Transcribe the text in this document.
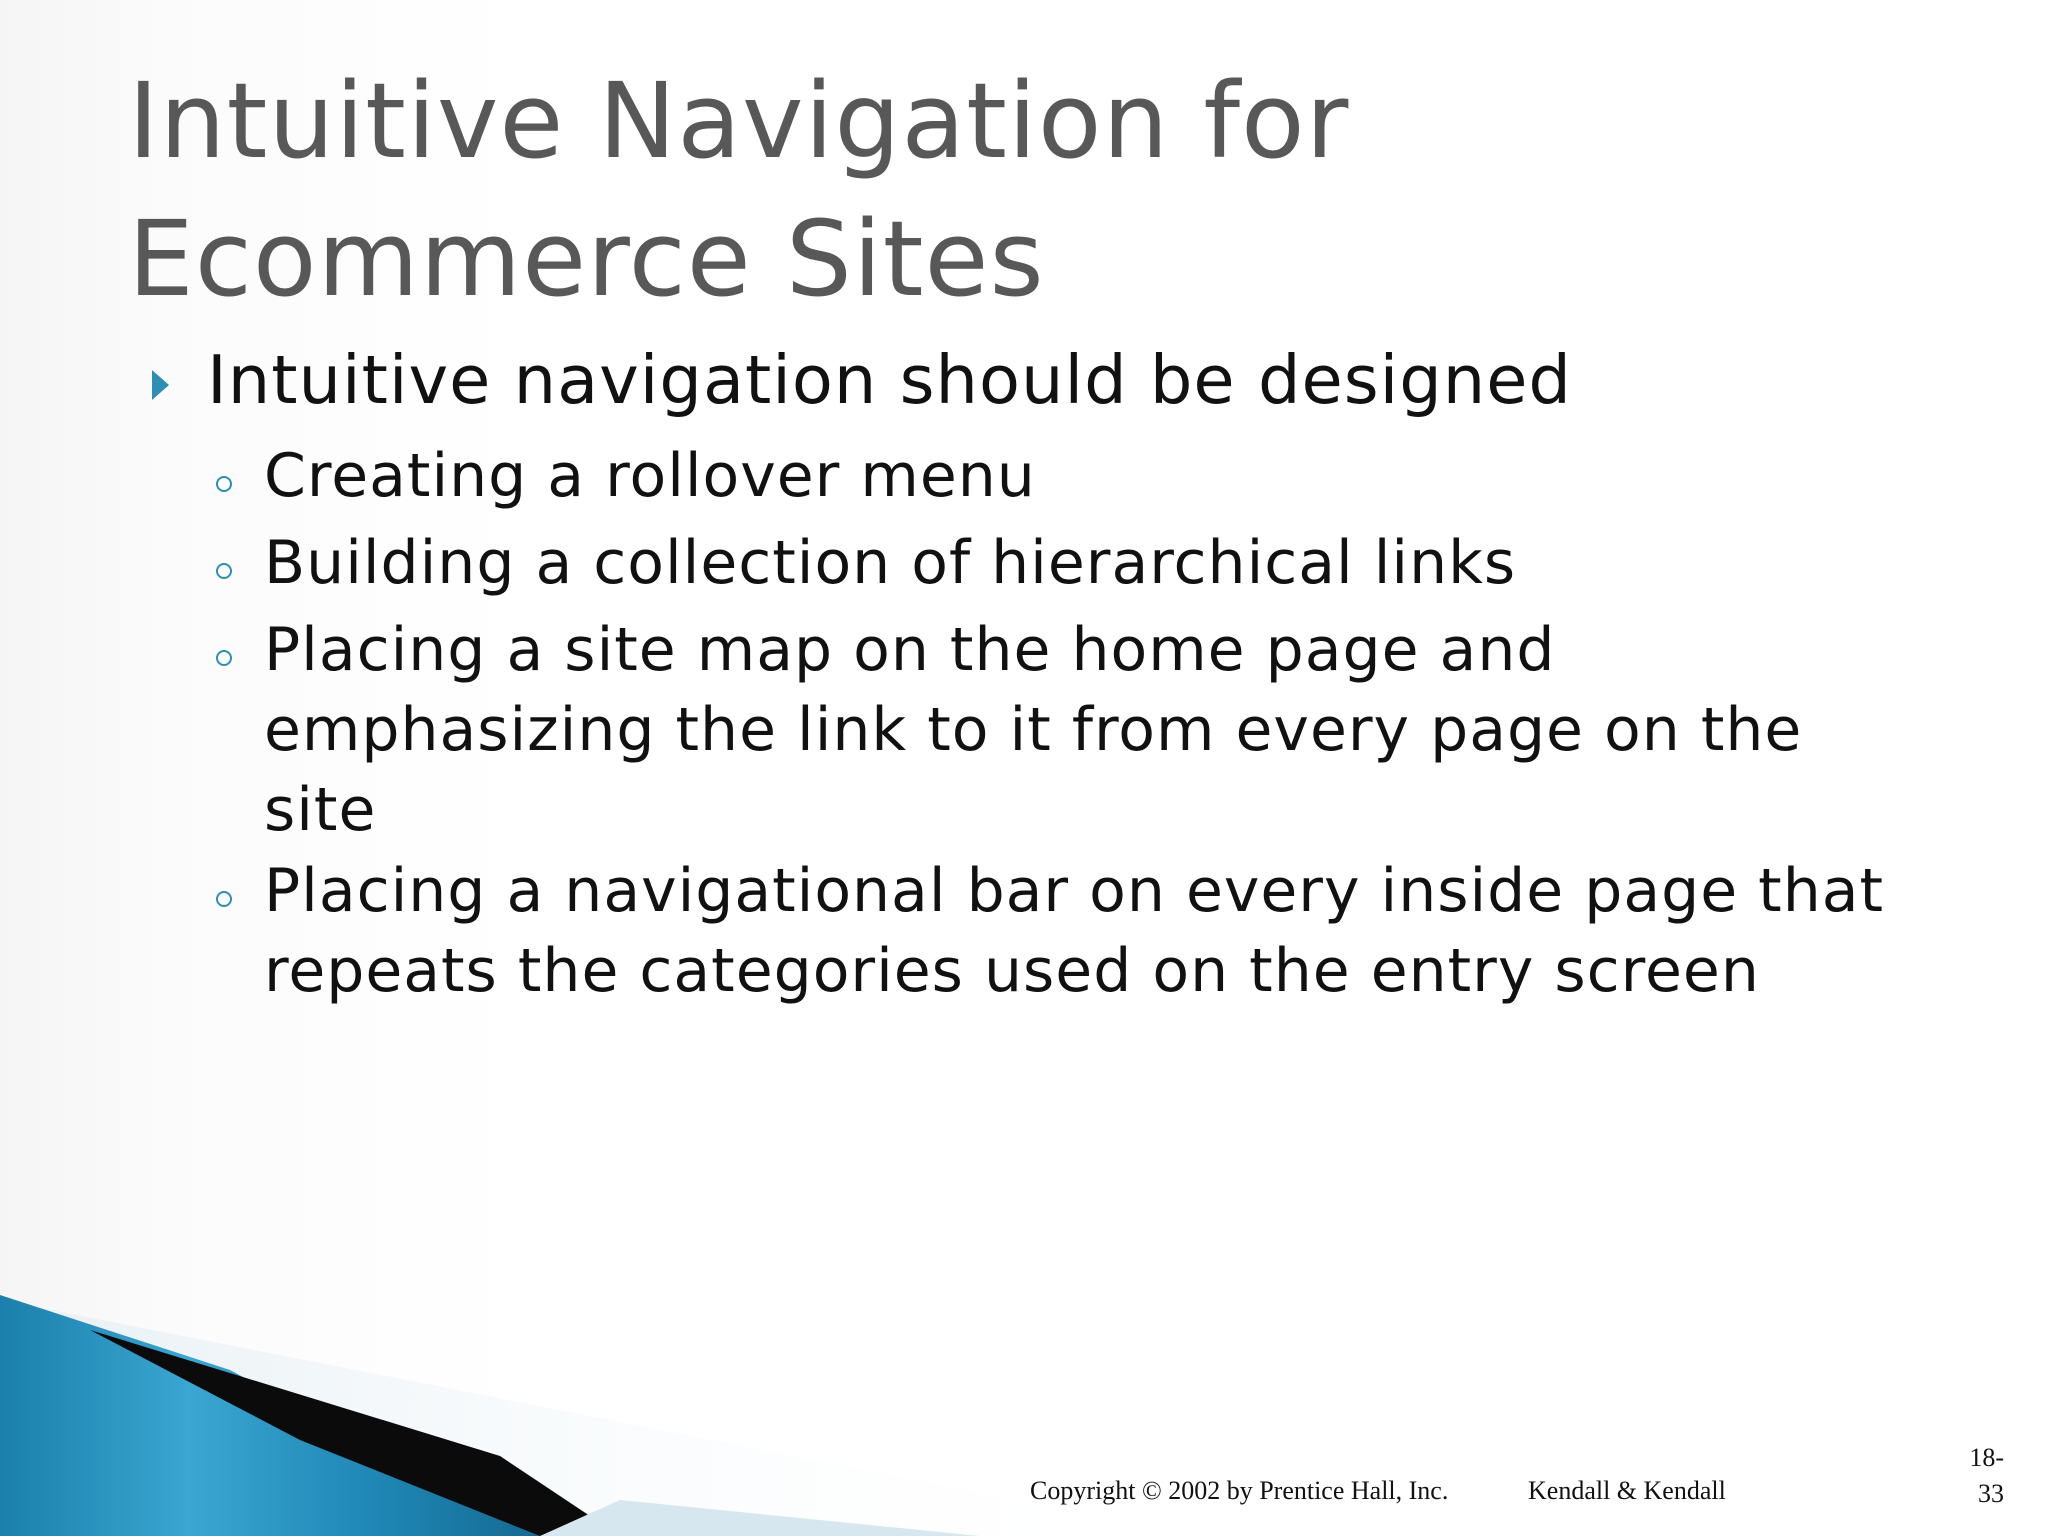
Intuitive Navigation for
Ecommerce Sites
Intuitive navigation should be designed
Creating a rollover menu
Building a collection of hierarchical links
Placing a site map on the home page and
emphasizing the link to it from every page on the
site
Placing a navigational bar on every inside page that
repeats the categories used on the entry screen
Copyright © 2002 by Prentice Hall, Inc.	Kendall & Kendall
18-
33
